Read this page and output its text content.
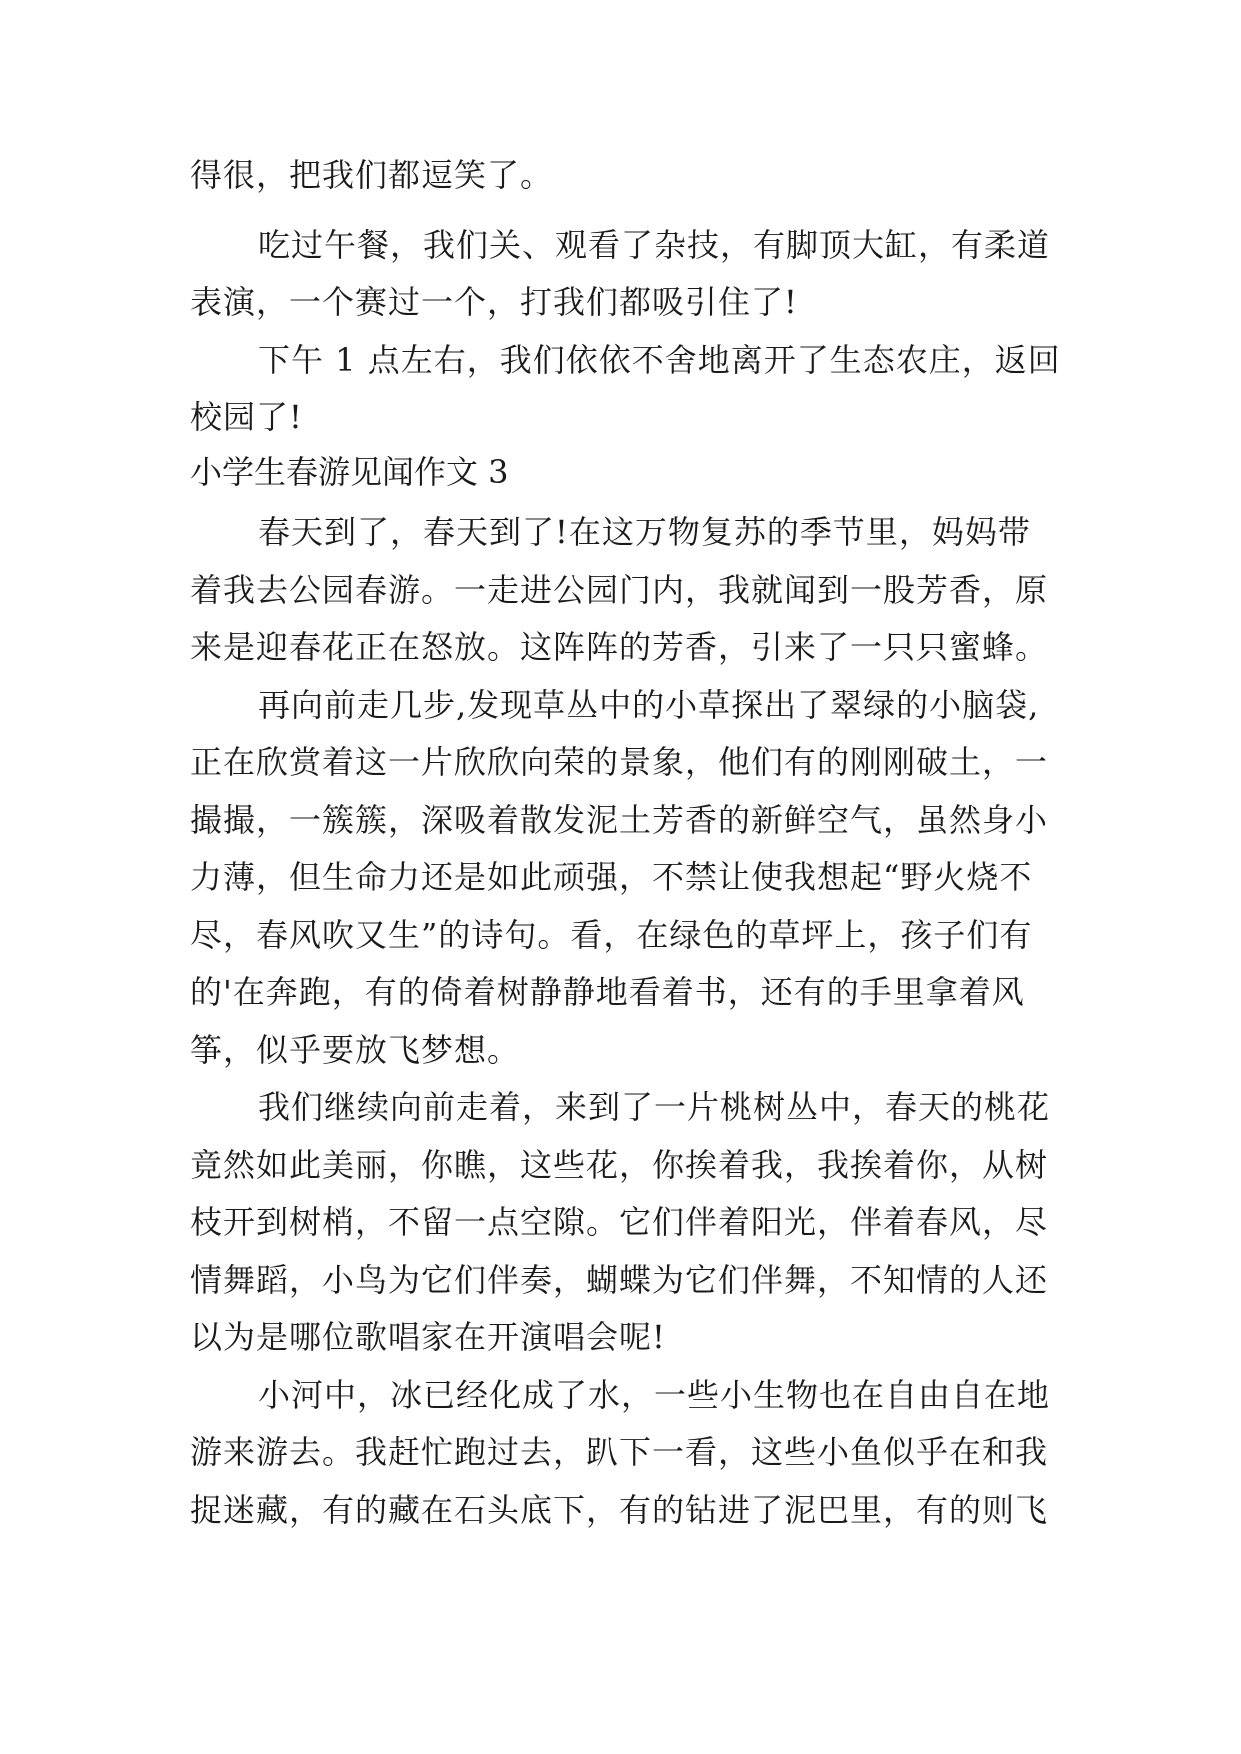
得很，把我们都逗笑了。
吃过午餐，我们关、观看了杂技，有脚顶大缸，有柔道
表演，一个赛过一个，打我们都吸引住了!
下午 1 点左右，我们依依不舍地离开了生态农庄，返回
校园了!
小学生春游见闻作文 3
春天到了，春天到了!在这万物复苏的季节里，妈妈带
着我去公园春游。一走进公园门内，我就闻到一股芳香，原
来是迎春花正在怒放。这阵阵的芳香，引来了一只只蜜蜂。
再向前走几步,发现草丛中的小草探出了翠绿的小脑袋,
正在欣赏着这一片欣欣向荣的景象，他们有的刚刚破土，一
撮撮，一簇簇，深吸着散发泥土芳香的新鲜空气，虽然身小
力薄，但生命力还是如此顽强，不禁让使我想起“野火烧不
尽，春风吹又生”的诗句。看，在绿色的草坪上，孩子们有
的'在奔跑，有的倚着树静静地看着书，还有的手里拿着风
筝，似乎要放飞梦想。
我们继续向前走着，来到了一片桃树丛中，春天的桃花
竟然如此美丽，你瞧，这些花，你挨着我，我挨着你，从树
枝开到树梢，不留一点空隙。它们伴着阳光，伴着春风，尽
情舞蹈，小鸟为它们伴奏，蝴蝶为它们伴舞，不知情的人还
以为是哪位歌唱家在开演唱会呢!
小河中，冰已经化成了水，一些小生物也在自由自在地
游来游去。我赶忙跑过去，趴下一看，这些小鱼似乎在和我
捉迷藏，有的藏在石头底下，有的钻进了泥巴里，有的则飞
